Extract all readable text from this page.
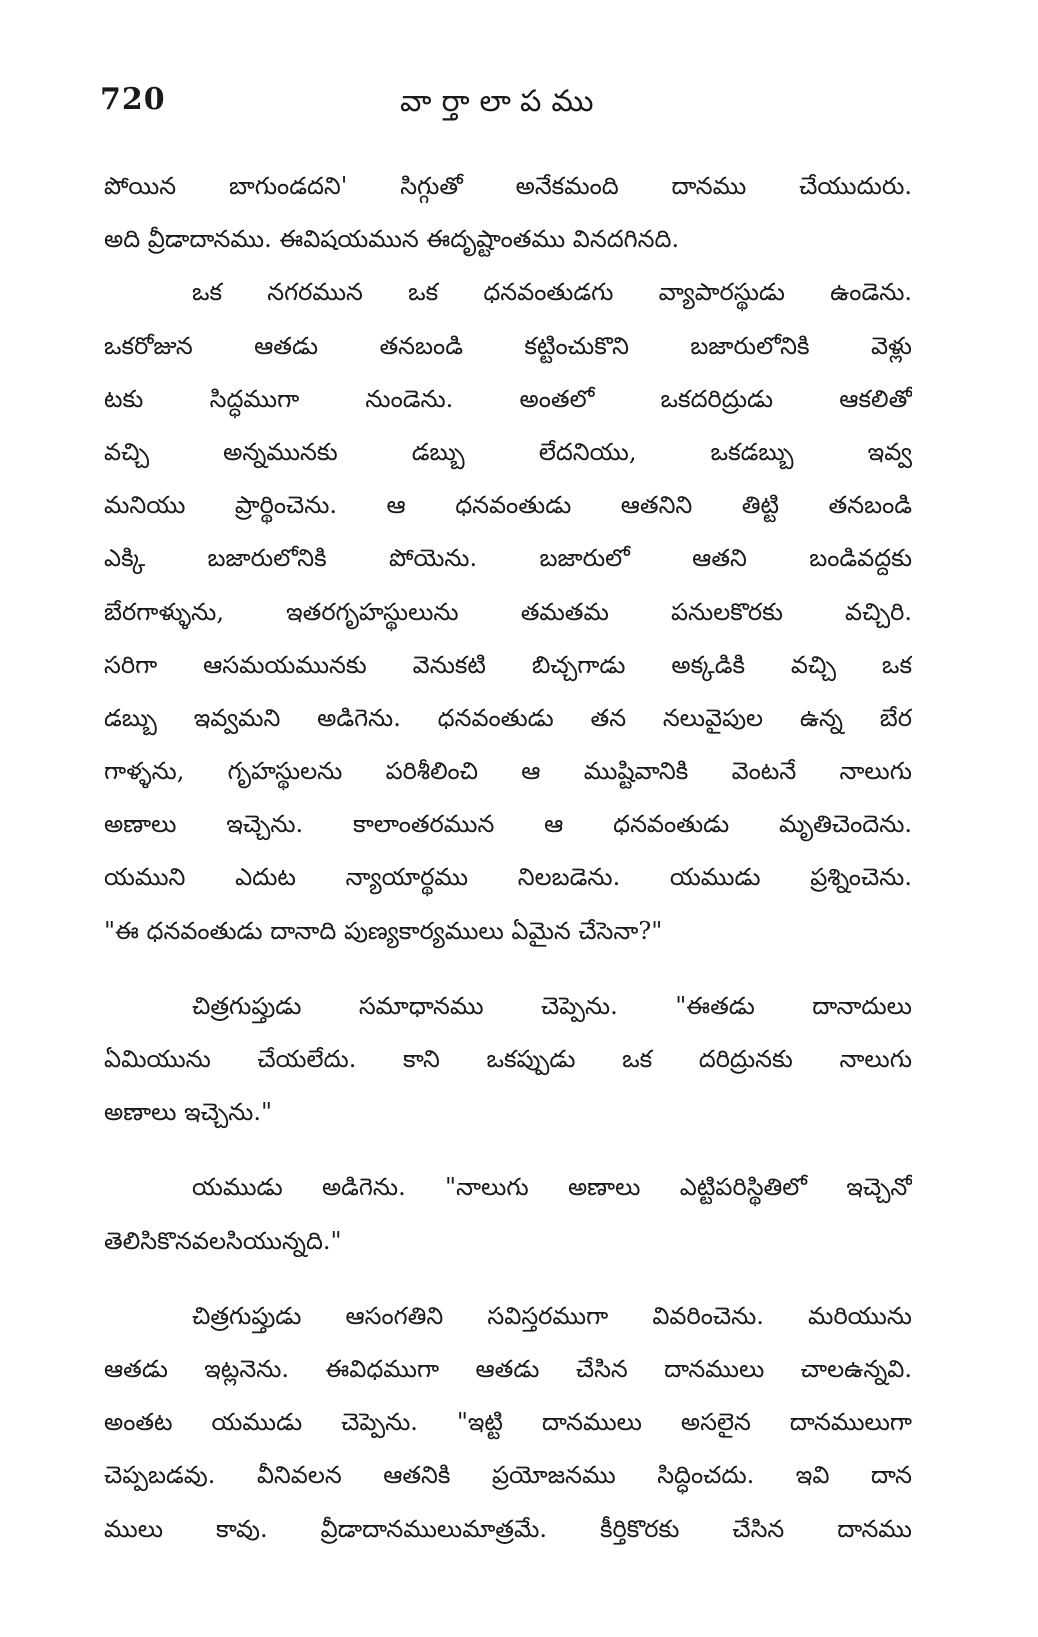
720	వార్తాలాపము
పోయిన బాగుండదని' సిగ్గుతో అనేకమంది దానము చేయుదురు.
అది వ్రీడాదానము. ఈవిషయమున ఈదృష్టాంతము వినదగినది.
ఒక నగరమున ఒక ధనవంతుడగు వ్యాపారస్థుడు ఉండెను.
ఒకరోజున ఆతడు తనబండి కట్టించుకొని బజారులోనికి వెళ్లు
టకు సిద్ధముగా నుండెను. అంతలో ఒకదరిద్రుడు ఆకలితో
వచ్చి అన్నమునకు డబ్బు లేదనియు, ఒకడబ్బు ఇవ్వ
మనియు ప్రార్థించెను. ఆ ధనవంతుడు ఆతనిని తిట్టి తనబండి
ఎక్కి బజారులోనికి పోయెను. బజారులో ఆతని బండివద్దకు
బేరగాళ్ళును, ఇతరగృహస్థులును తమతమ పనులకొరకు వచ్చిరి.
సరిగా ఆసమయమునకు వెనుకటి బిచ్చగాడు అక్కడికి వచ్చి ఒక
డబ్బు ఇవ్వమని అడిగెను. ధనవంతుడు తన నలువైపుల ఉన్న బేర
గాళ్ళను, గృహస్థులను పరిశీలించి ఆ ముష్టివానికి వెంటనే నాలుగు
అణాలు ఇచ్చెను. కాలాంతరమున ఆ ధనవంతుడు మృతిచెందెను.
యముని ఎదుట న్యాయార్థము నిలబడెను. యముడు ప్రశ్నించెను.
"ఈ ధనవంతుడు దానాది పుణ్యకార్యములు ఏమైన చేసెనా?"
చిత్రగుప్తుడు సమాధానము చెప్పెను. "ఈతడు దానాదులు
ఏమియును చేయలేదు. కాని ఒకప్పుడు ఒక దరిద్రునకు నాలుగు
అణాలు ఇచ్చెను."
యముడు అడిగెను. "నాలుగు అణాలు ఎట్టిపరిస్థితిలో ఇచ్చెనో
తెలిసికొనవలసియున్నది."
చిత్రగుప్తుడు ఆసంగతిని సవిస్తరముగా వివరించెను. మరియును
ఆతడు ఇట్లనెను. ఈవిధముగా ఆతడు చేసిన దానములు చాలఉన్నవి.
అంతట యముడు చెప్పెను. "ఇట్టి దానములు అసలైన దానములుగా
చెప్పబడవు. వీనివలన ఆతనికి ప్రయోజనము సిద్ధించదు. ఇవి దాన
ములు కావు. వ్రీడాదానములుమాత్రమే. కీర్తికొరకు చేసిన దానము
